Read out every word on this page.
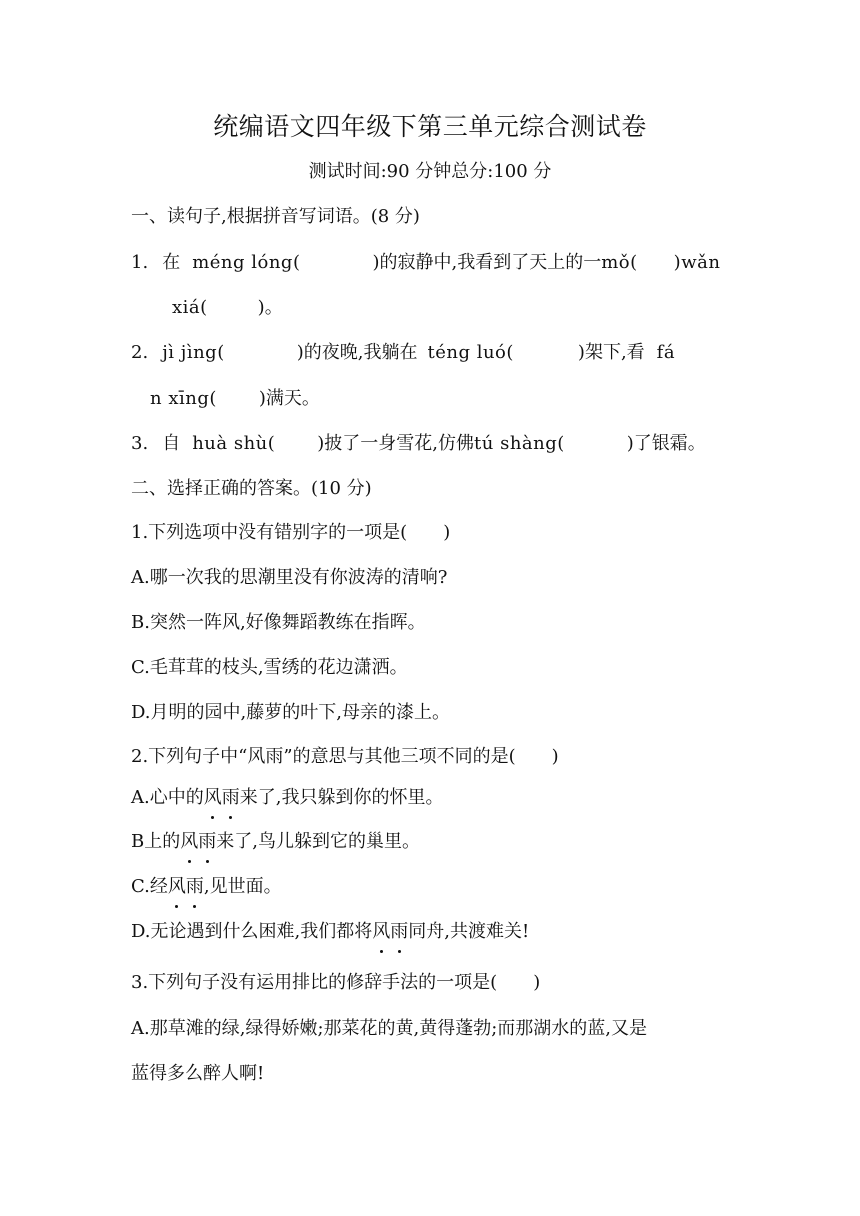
统编语文四年级下第三单元综合测试卷
测试时间:90 分钟总分:100 分
一、读句子,根据拼音写词语。(8 分)
1. 在 méng lóng(	)的寂静中,我看到了天上的一mǒ( )wǎn
xiá(	)。
2. jì jìng(	)的夜晚,我躺在 téng luó(	)架下,看 fá
n xīng( )满天。
3. 自 huà shù( )披了一身雪花,仿佛tú shàng(	)了银霜。
二、选择正确的答案。(10 分)
1.下列选项中没有错别字的一项是( )
A.哪一次我的思潮里没有你波涛的清响?
B.突然一阵风,好像舞蹈教练在指晖。
C.毛茸茸的枝头,雪绣的花边潇洒。
D.月明的园中,藤萝的叶下,母亲的漆上。
2.下列句子中“风雨”的意思与其他三项不同的是( )
A.心中的风雨来了,我只躲到你的怀里。
B上的风雨来了,鸟儿躲到它的巢里。
C.经风雨,见世面。
D.无论遇到什么困难,我们都将风雨同舟,共渡难关!
3.下列句子没有运用排比的修辞手法的一项是( )
A.那草滩的绿,绿得娇嫩;那菜花的黄,黄得蓬勃;而那湖水的蓝,又是
蓝得多么醉人啊!
